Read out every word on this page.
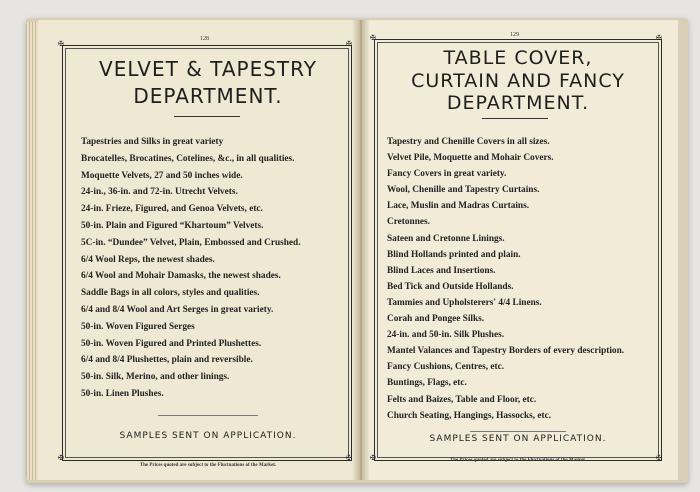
128
✠	✠
✠	✠
VELVET & TAPESTRY
DEPARTMENT.
Tapestries and Silks in great variety
Brocatelles, Brocatines, Cotelines, &c., in all qualities.
Moquette Velvets, 27 and 50 inches wide.
24-in., 36-in. and 72-in. Utrecht Velvets.
24-in. Frieze, Figured, and Genoa Velvets, etc.
50-in. Plain and Figured “Khartoum” Velvets.
5C-in. “Dundee” Velvet, Plain, Embossed and Crushed.
6/4 Wool Reps, the newest shades.
6/4 Wool and Mohair Damasks, the newest shades.
Saddle Bags in all colors, styles and qualities.
6/4 and 8/4 Wool and Art Serges in great variety.
50-in. Woven Figured Serges
50-in. Woven Figured and Printed Plushettes.
6/4 and 8/4 Plushettes, plain and reversible.
50-in. Silk, Merino, and other linings.
50-in. Linen Plushes.
SAMPLES SENT ON APPLICATION.
The Prices quoted are subject to the Fluctuations of the Market.
129
✠	✠
✠	✠
TABLE COVER,
CURTAIN AND FANCY
DEPARTMENT.
Tapestry and Chenille Covers in all sizes.
Velvet Pile, Moquette and Mohair Covers.
Fancy Covers in great variety.
Wool, Chenille and Tapestry Curtains.
Lace, Muslin and Madras Curtains.
Cretonnes.
Sateen and Cretonne Linings.
Blind Hollands printed and plain.
Blind Laces and Insertions.
Bed Tick and Outside Hollands.
Tammies and Upholsterers' 4/4 Linens.
Corah and Pongee Silks.
24-in. and 50-in. Silk Plushes.
Mantel Valances and Tapestry Borders of every description.
Fancy Cushions, Centres, etc.
Buntings, Flags, etc.
Felts and Baizes, Table and Floor, etc.
Church Seating, Hangings, Hassocks, etc.
SAMPLES SENT ON APPLICATION.
The Prices quoted are subject to the Fluctuations of the Market.
